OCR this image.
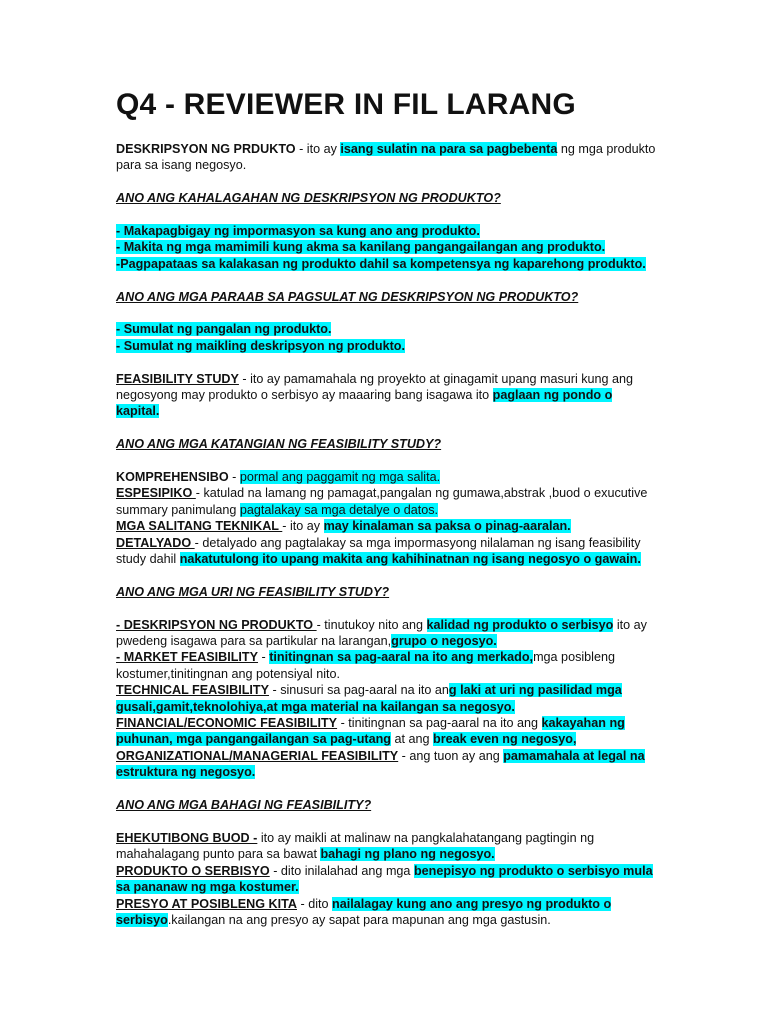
Q4 - REVIEWER IN FIL LARANG

DESKRIPSYON NG PRDUKTO - ito ay isang sulatin na para sa pagbebenta ng mga produkto para sa isang negosyo.

ANO ANG KAHALAGAHAN NG DESKRIPSYON NG PRODUKTO?

- Makapagbigay ng impormasyon sa kung ano ang produkto.

- Makita ng mga mamimili kung akma sa kanilang pangangailangan ang produkto.

-Pagpapataas sa kalakasan ng produkto dahil sa kompetensya ng kaparehong produkto.

ANO ANG MGA PARAAB SA PAGSULAT NG DESKRIPSYON NG PRODUKTO?

- Sumulat ng pangalan ng produkto.

- Sumulat ng maikling deskripsyon ng produkto.

FEASIBILITY STUDY - ito ay pamamahala ng proyekto at ginagamit upang masuri kung ang negosyong may produkto o serbisyo ay maaaring bang isagawa ito paglaan ng pondo o kapital.

ANO ANG MGA KATANGIAN NG FEASIBILITY STUDY?

KOMPREHENSIBO - pormal ang paggamit ng mga salita.

ESPESIPIKO - katulad na lamang ng pamagat,pangalan ng gumawa,abstrak ,buod o exucutive summary panimulang pagtalakay sa mga detalye o datos.

MGA SALITANG TEKNIKAL - ito ay may kinalaman sa paksa o pinag-aaralan.

DETALYADO - detalyado ang pagtalakay sa mga impormasyong nilalaman ng isang feasibility study dahil nakatutulong ito upang makita ang kahihinatnan ng isang negosyo o gawain.

ANO ANG MGA URI NG FEASIBILITY STUDY?

- DESKRIPSYON NG PRODUKTO - tinutukoy nito ang kalidad ng produkto o serbisyo ito ay pwedeng isagawa para sa partikular na larangan,grupo o negosyo.

- MARKET FEASIBILITY - tinitingnan sa pag-aaral na ito ang merkado,mga posibleng kostumer,tinitingnan ang potensiyal nito.

TECHNICAL FEASIBILITY - sinusuri sa pag-aaral na ito ang laki at uri ng pasilidad mga gusali,gamit,teknolohiya,at mga material na kailangan sa negosyo.

FINANCIAL/ECONOMIC FEASIBILITY - tinitingnan sa pag-aaral na ito ang kakayahan ng puhunan, mga pangangailangan sa pag-utang at ang break even ng negosyo,

ORGANIZATIONAL/MANAGERIAL FEASIBILITY - ang tuon ay ang pamamahala at legal na estruktura ng negosyo.

ANO ANG MGA BAHAGI NG FEASIBILITY?

EHEKUTIBONG BUOD - ito ay maikli at malinaw na pangkalahatangang pagtingin ng mahahalagang punto para sa bawat bahagi ng plano ng negosyo.

PRODUKTO O SERBISYO - dito inilalahad ang mga benepisyo ng produkto o serbisyo mula sa pananaw ng mga kostumer.

PRESYO AT POSIBLENG KITA - dito nailalagay kung ano ang presyo ng produkto o serbisyo.kailangan na ang presyo ay sapat para mapunan ang mga gastusin.
